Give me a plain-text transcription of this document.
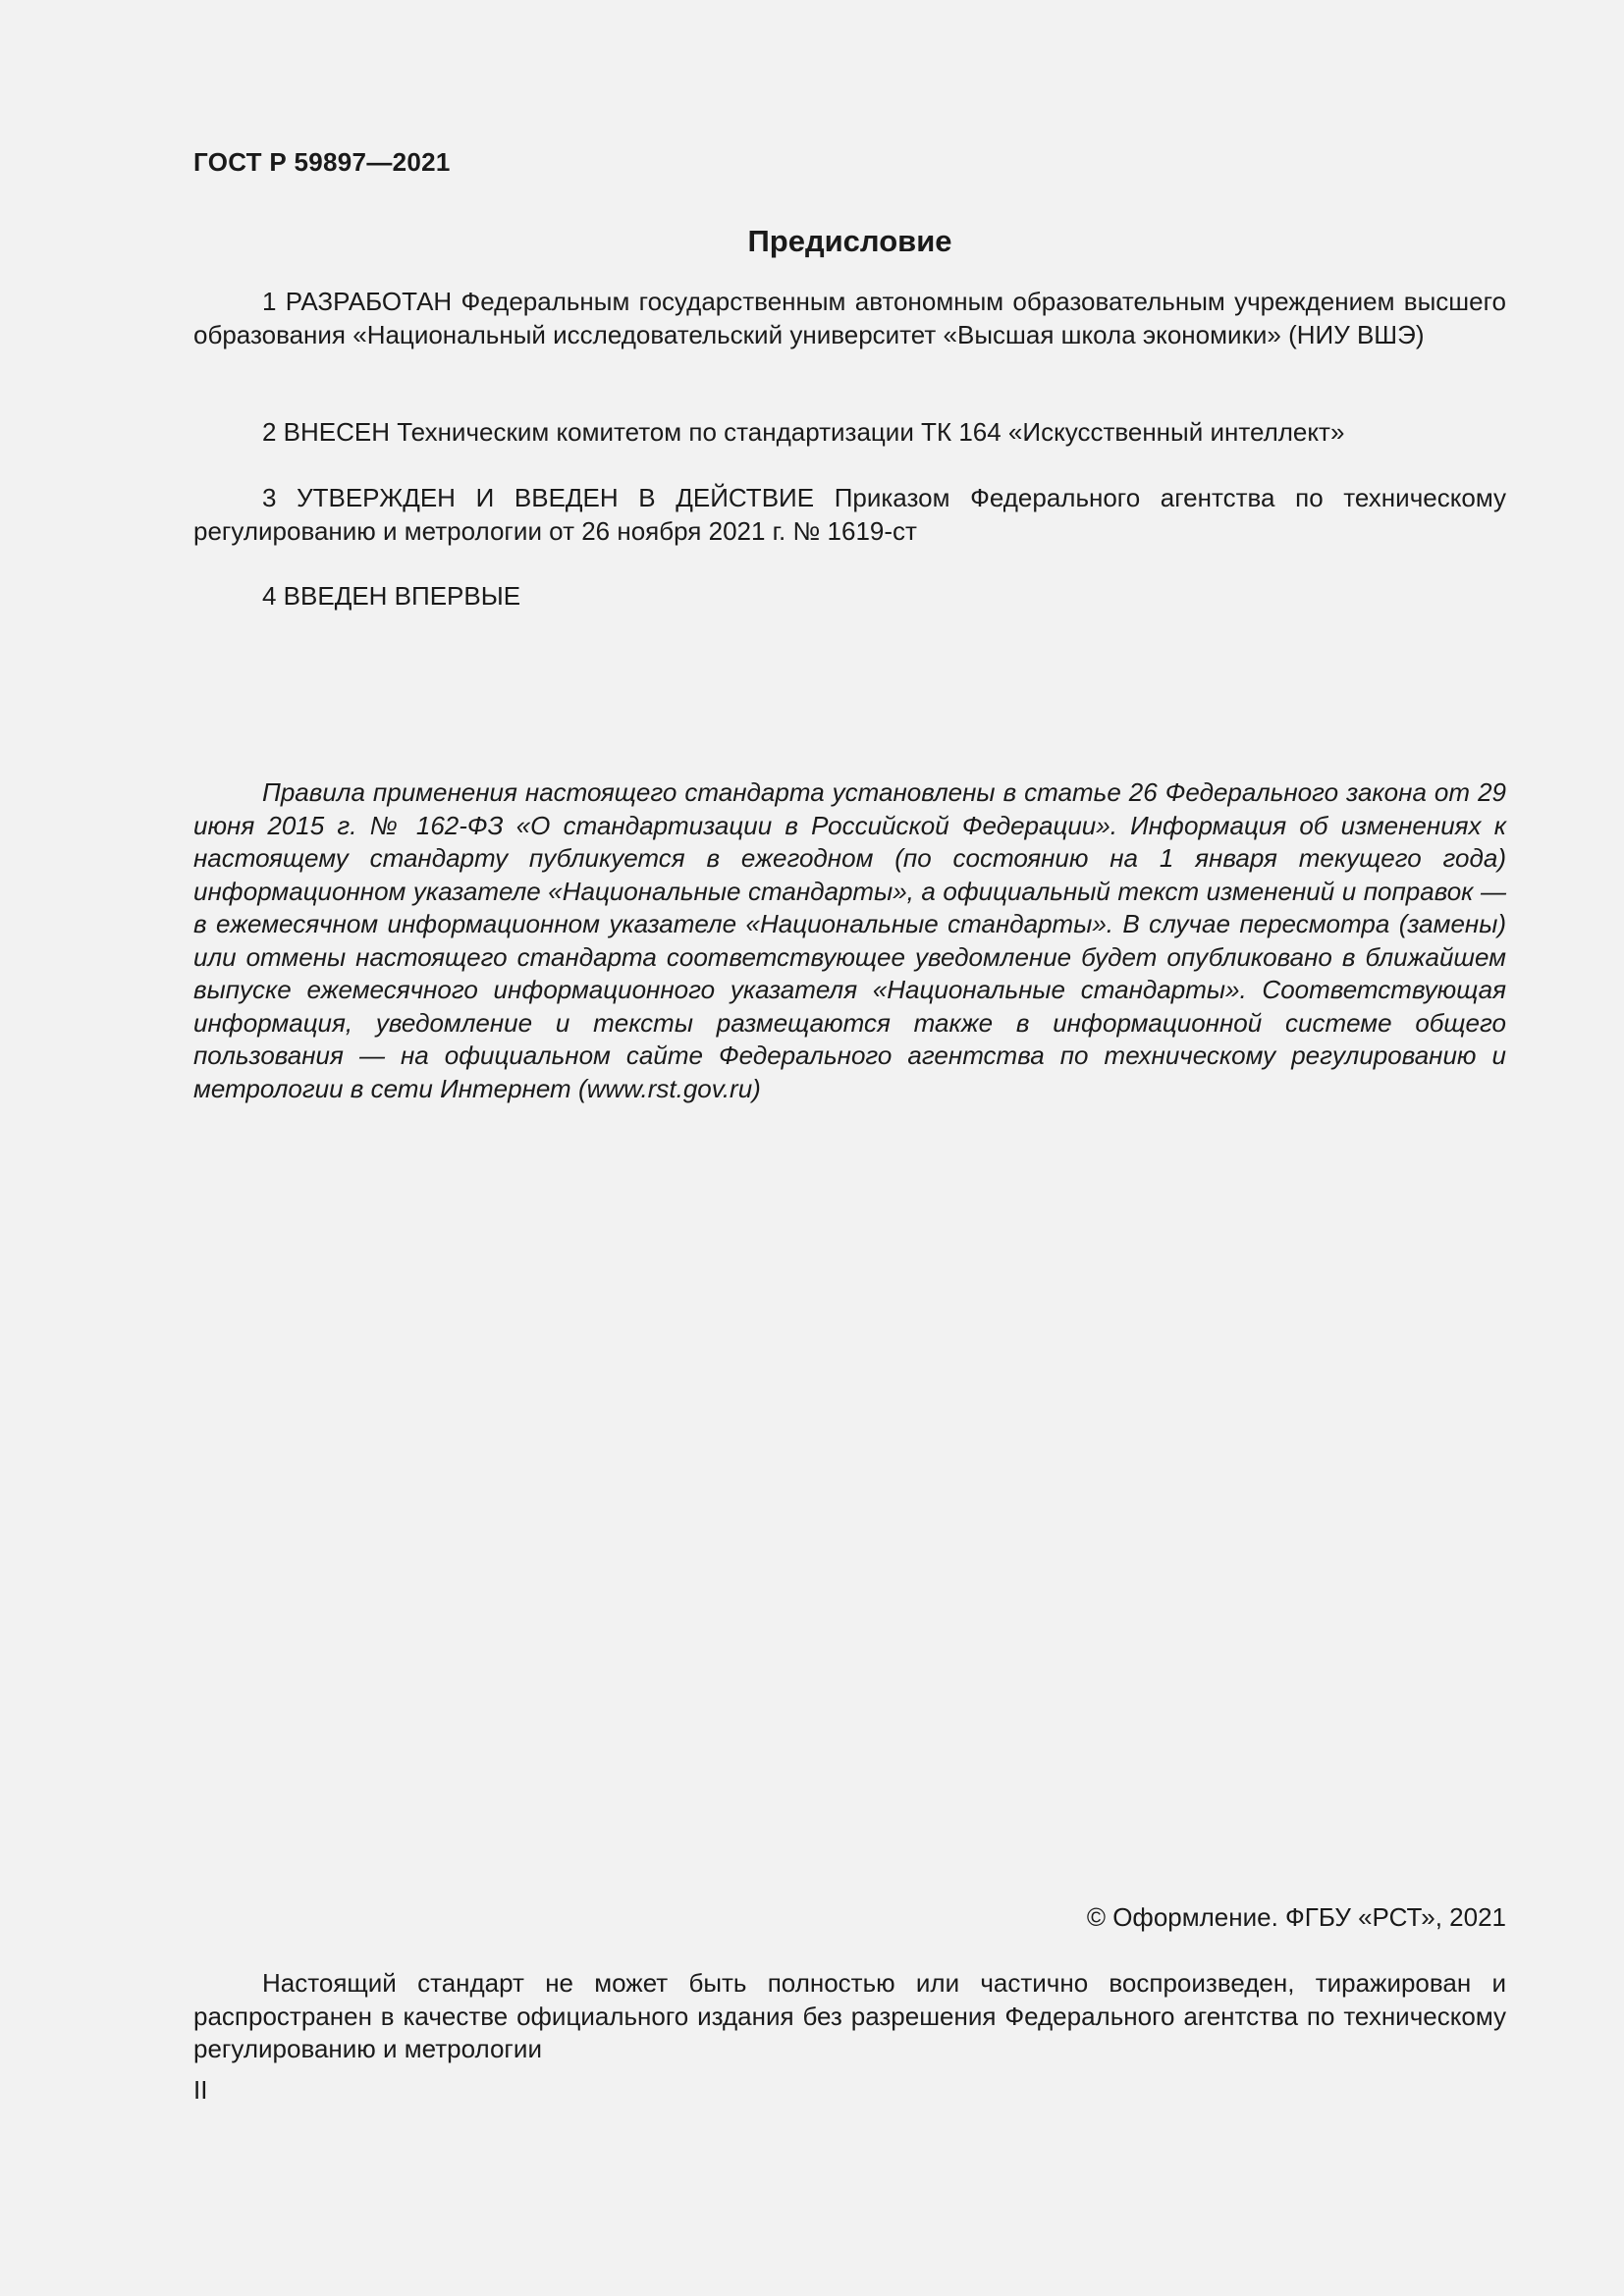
ГОСТ Р 59897—2021
Предисловие

1 РАЗРАБОТАН Федеральным государственным автономным образовательным учреждением высшего образования «Национальный исследовательский университет «Высшая школа экономики» (НИУ ВШЭ)

2 ВНЕСЕН Техническим комитетом по стандартизации ТК 164 «Искусственный интеллект»

3 УТВЕРЖДЕН И ВВЕДЕН В ДЕЙСТВИЕ Приказом Федерального агентства по техническому регулированию и метрологии от 26 ноября 2021 г. № 1619-ст

4 ВВЕДЕН ВПЕРВЫЕ

Правила применения настоящего стандарта установлены в статье 26 Федерального закона от 29 июня 2015 г. № 162-ФЗ «О стандартизации в Российской Федерации». Информация об изменениях к настоящему стандарту публикуется в ежегодном (по состоянию на 1 января текущего года) информационном указателе «Национальные стандарты», а официальный текст изменений и поправок — в ежемесячном информационном указателе «Национальные стандарты». В случае пересмотра (замены) или отмены настоящего стандарта соответствующее уведомление будет опубликовано в ближайшем выпуске ежемесячного информационного указателя «Национальные стандарты». Соответствующая информация, уведомление и тексты размещаются также в информационной системе общего пользования — на официальном сайте Федерального агентства по техническому регулированию и метрологии в сети Интернет (www.rst.gov.ru)

© Оформление. ФГБУ «РСТ», 2021

Настоящий стандарт не может быть полностью или частично воспроизведен, тиражирован и распространен в качестве официального издания без разрешения Федерального агентства по техническому регулированию и метрологии

II
